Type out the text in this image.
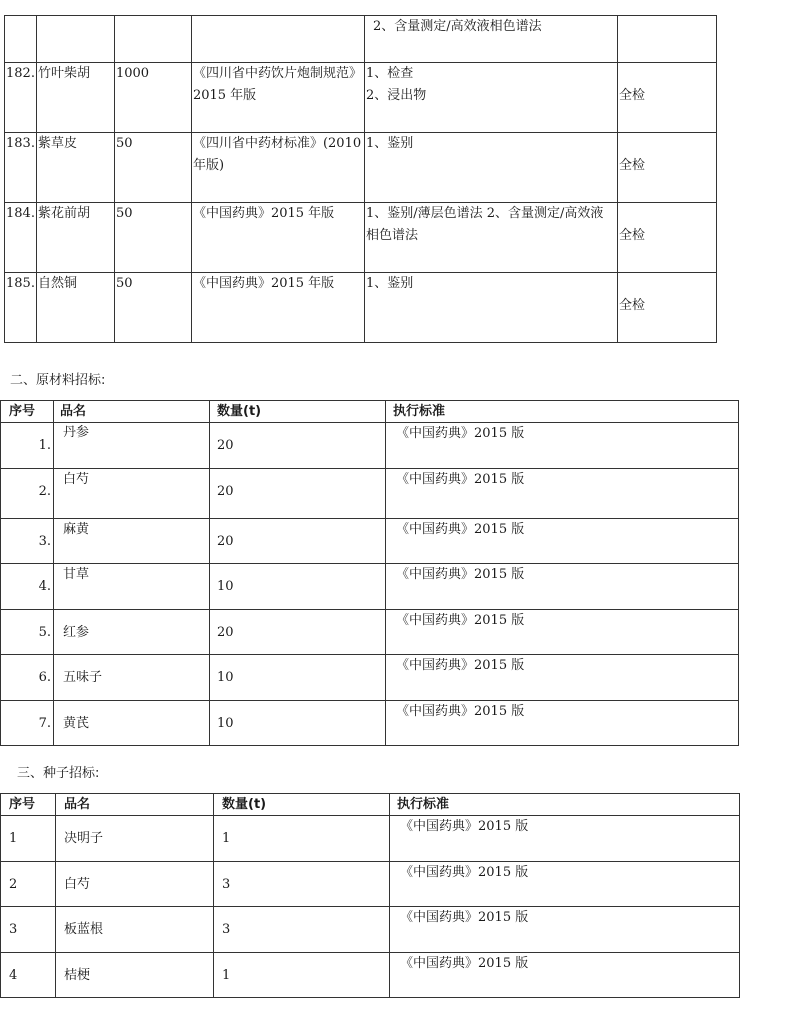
				2、含量测定/高效液相色谱法	

182.	竹叶柴胡	1000	《四川省中药饮片炮制规范》2015 年版	1、检查
2、浸出物	全检

183.	紫草皮	50	《四川省中药材标准》(2010 年版)	1、鉴别	全检

184.	紫花前胡	50	《中国药典》2015 年版	1、鉴别/薄层色谱法 2、含量测定/高效液相色谱法	全检

185.	自然铜	50	《中国药典》2015 年版	1、鉴别	全检
二、原材料招标:
序号	品名	数量(t)	执行标准

1.	丹参	20	《中国药典》2015 版

2.	白芍	20	《中国药典》2015 版

3.	麻黄	20	《中国药典》2015 版

4.	甘草	10	《中国药典》2015 版

5.	红参	20	《中国药典》2015 版

6.	五味子	10	《中国药典》2015 版

7.	黄芪	10	《中国药典》2015 版
三、种子招标:
序号	品名	数量(t)	执行标准

1	决明子	1	《中国药典》2015 版

2	白芍	3	《中国药典》2015 版

3	板蓝根	3	《中国药典》2015 版

4	桔梗	1	《中国药典》2015 版
